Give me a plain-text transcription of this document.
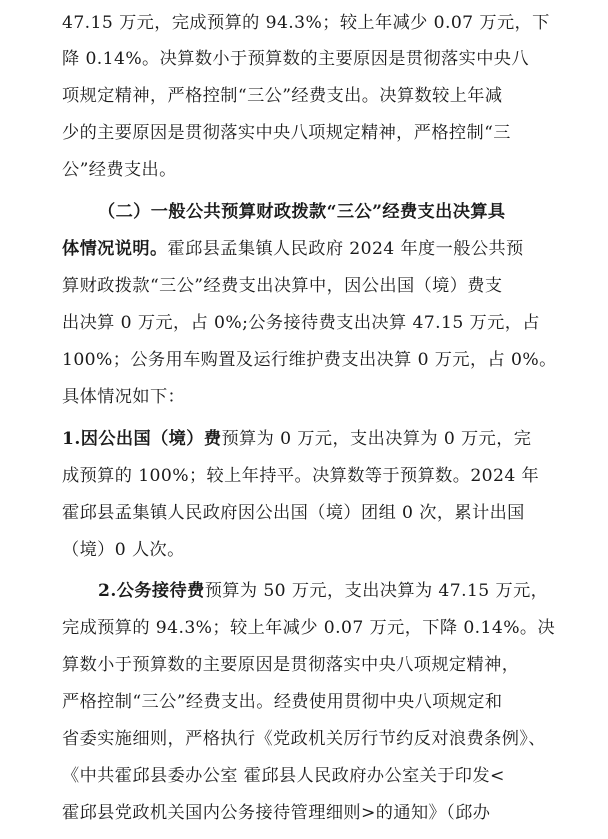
47.15 万元，完成预算的 94.3%；较上年减少 0.07 万元，下
降 0.14%。决算数小于预算数的主要原因是贯彻落实中央八
项规定精神，严格控制“三公”经费支出。决算数较上年减
少的主要原因是贯彻落实中央八项规定精神，严格控制“三
公”经费支出。
（二）一般公共预算财政拨款“三公”经费支出决算具
体情况说明。霍邱县孟集镇人民政府 2024 年度一般公共预
算财政拨款“三公”经费支出决算中，因公出国（境）费支
出决算 0 万元，占 0%;公务接待费支出决算 47.15 万元，占
100%；公务用车购置及运行维护费支出决算 0 万元，占 0%。
具体情况如下：
1.因公出国（境）费预算为 0 万元，支出决算为 0 万元，完
成预算的 100%；较上年持平。决算数等于预算数。2024 年
霍邱县孟集镇人民政府因公出国（境）团组 0 次，累计出国
（境）0 人次。
2.公务接待费预算为 50 万元，支出决算为 47.15 万元，
完成预算的 94.3%；较上年减少 0.07 万元，下降 0.14%。决
算数小于预算数的主要原因是贯彻落实中央八项规定精神，
严格控制“三公”经费支出。经费使用贯彻中央八项规定和
省委实施细则，严格执行《党政机关厉行节约反对浪费条例》、
《中共霍邱县委办公室 霍邱县人民政府办公室关于印发<
霍邱县党政机关国内公务接待管理细则>的通知》（邱办
